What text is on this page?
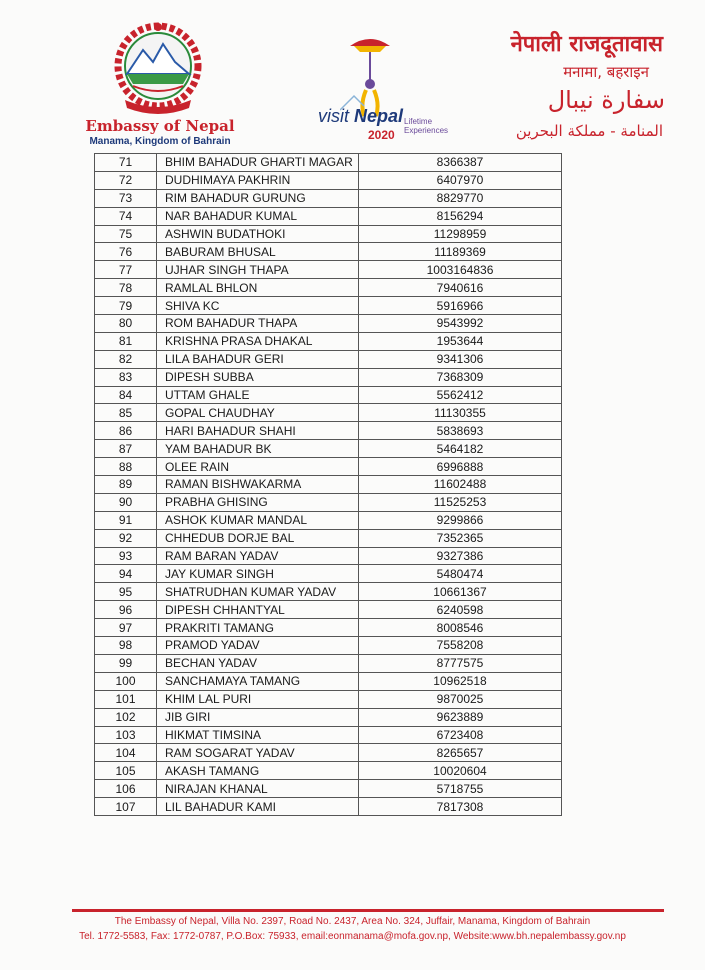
Embassy of Nepal
Manama, Kingdom of Bahrain
visit Nepal
2020
Lifetime
Experiences
नेपाली राजदूतावास
मनामा, बहराइन
سفارة نيبال
المنامة - مملكة البحرين
71	BHIM BAHADUR GHARTI MAGAR	8366387
72	DUDHIMAYA PAKHRIN	6407970
73	RIM BAHADUR GURUNG	8829770
74	NAR BAHADUR KUMAL	8156294
75	ASHWIN BUDATHOKI	11298959
76	BABURAM BHUSAL	11189369
77	UJHAR SINGH THAPA	1003164836
78	RAMLAL BHLON	7940616
79	SHIVA KC	5916966
80	ROM BAHADUR THAPA	9543992
81	KRISHNA PRASA DHAKAL	1953644
82	LILA BAHADUR GERI	9341306
83	DIPESH SUBBA	7368309
84	UTTAM GHALE	5562412
85	GOPAL CHAUDHAY	11130355
86	HARI BAHADUR SHAHI	5838693
87	YAM BAHADUR BK	5464182
88	OLEE RAIN	6996888
89	RAMAN BISHWAKARMA	11602488
90	PRABHA GHISING	11525253
91	ASHOK KUMAR MANDAL	9299866
92	CHHEDUB DORJE BAL	7352365
93	RAM BARAN YADAV	9327386
94	JAY KUMAR SINGH	5480474
95	SHATRUDHAN KUMAR YADAV	10661367
96	DIPESH CHHANTYAL	6240598
97	PRAKRITI TAMANG	8008546
98	PRAMOD YADAV	7558208
99	BECHAN YADAV	8777575
100	SANCHAMAYA TAMANG	10962518
101	KHIM LAL PURI	9870025
102	JIB GIRI	9623889
103	HIKMAT TIMSINA	6723408
104	RAM SOGARAT YADAV	8265657
105	AKASH TAMANG	10020604
106	NIRAJAN KHANAL	5718755
107	LIL BAHADUR KAMI	7817308
The Embassy of Nepal, Villa No. 2397, Road No. 2437, Area No. 324, Juffair, Manama, Kingdom of Bahrain
Tel. 1772-5583, Fax: 1772-0787, P.O.Box: 75933, email:eonmanama@mofa.gov.np, Website:www.bh.nepalembassy.gov.np
